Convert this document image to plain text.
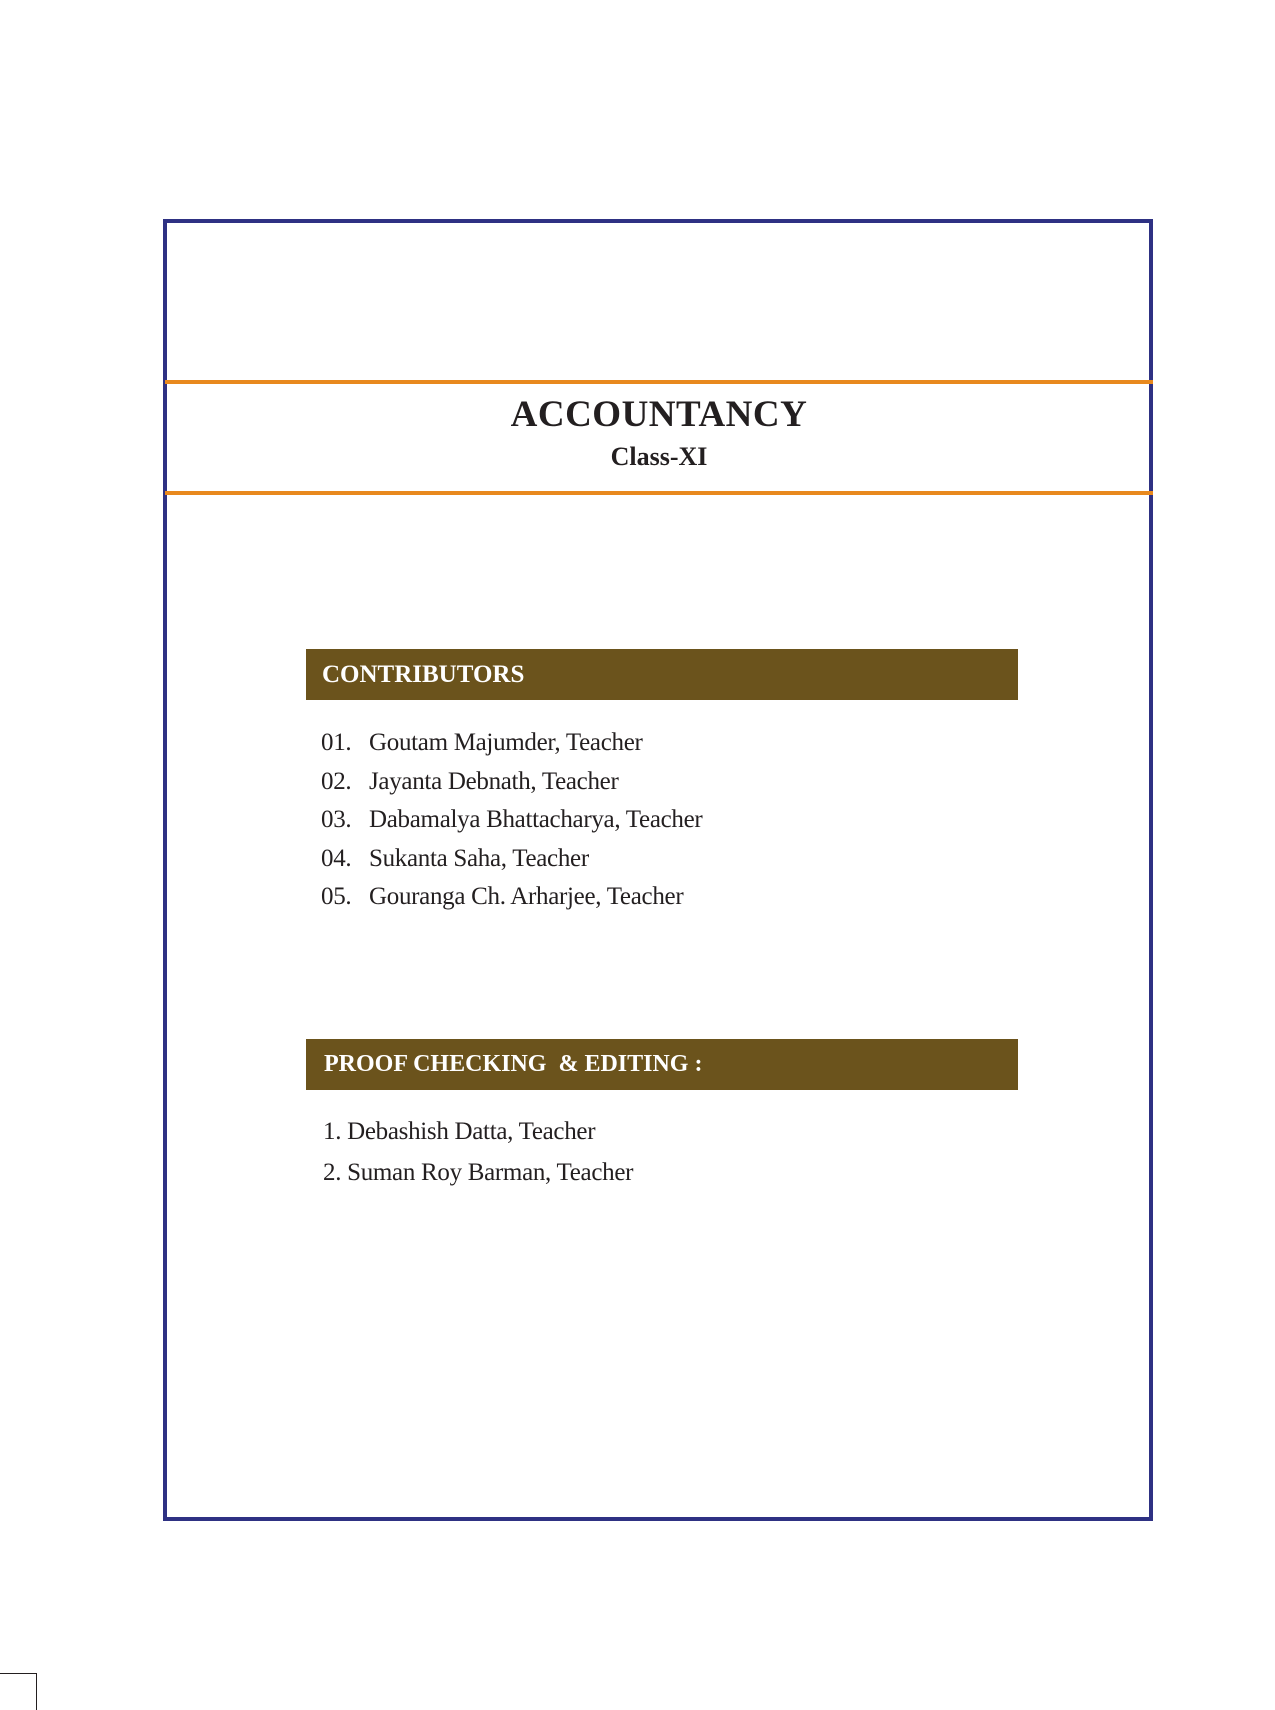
ACCOUNTANCY
Class-XI
CONTRIBUTORS
01. Goutam Majumder, Teacher
02. Jayanta Debnath, Teacher
03. Dabamalya Bhattacharya, Teacher
04. Sukanta Saha, Teacher
05. Gouranga Ch. Arharjee, Teacher
PROOF CHECKING  & EDITING :
1. Debashish Datta, Teacher
2. Suman Roy Barman, Teacher
